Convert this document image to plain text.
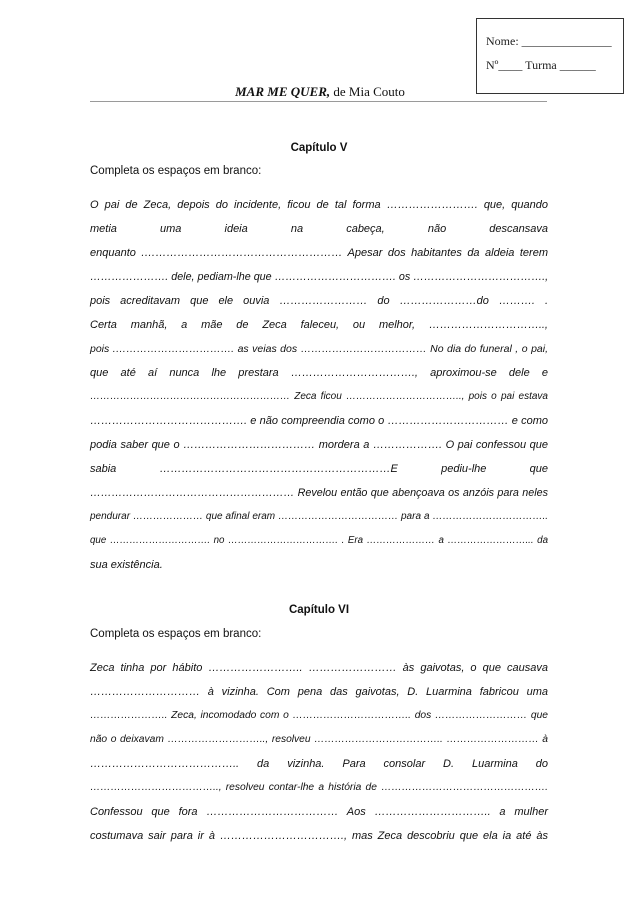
Nome: _______________
Nº____ Turma ______
MAR ME QUER, de Mia Couto
Capítulo V
Completa os espaços em branco:
O pai de Zeca, depois do incidente, ficou de tal forma ……………………. que, quando
metia uma ideia na cabeça, não descansava
enquanto .……………………………………………… Apesar dos habitantes da aldeia terem
…………………. dele, pediam-lhe que ……………………………. os ……………………………….,
pois acreditavam que ele ouvia …………………… do …………………do ………. .
Certa manhã, a mãe de Zeca faleceu, ou melhor, …………………………..,
pois .……………………………. as veias dos ……………………………… No dia do funeral , o pai,
que até aí nunca lhe prestara ……………………………., aproximou-se dele e
…………………………………………………… Zeca ficou …………………………….., pois o pai estava
……………………………………. e não compreendia como o …………………………… e como
podia saber que o ……………………………… mordera a ………………. O pai confessou que
sabia ………………………………………………………E pediu-lhe que
………………………………………………… Revelou então que abençoava os anzóis para neles
pendurar ………………… que afinal eram ……………………………… para a ……………………………..
que …………………………. no ……………………………. . Era ………………… a ……………………... da
sua existência.
Capítulo VI
Completa os espaços em branco:
Zeca tinha por hábito …………………….. …………………… às gaivotas, o que causava
………………………… à vizinha. Com pena das gaivotas, D. Luarmina fabricou uma
………………….. Zeca, incomodado com o …………………………….. dos ……………………… que
não o deixavam ……………………….., resolveu ……………………………….. ……………………… à
………………………………….. da vizinha. Para consolar D. Luarmina do
……………………………….., resolveu contar-lhe a história de ………………………………………….
Confessou que fora ……………………………… Aos ………………………….. a mulher
costumava sair para ir à ……………………………., mas Zeca descobriu que ela ia até às
